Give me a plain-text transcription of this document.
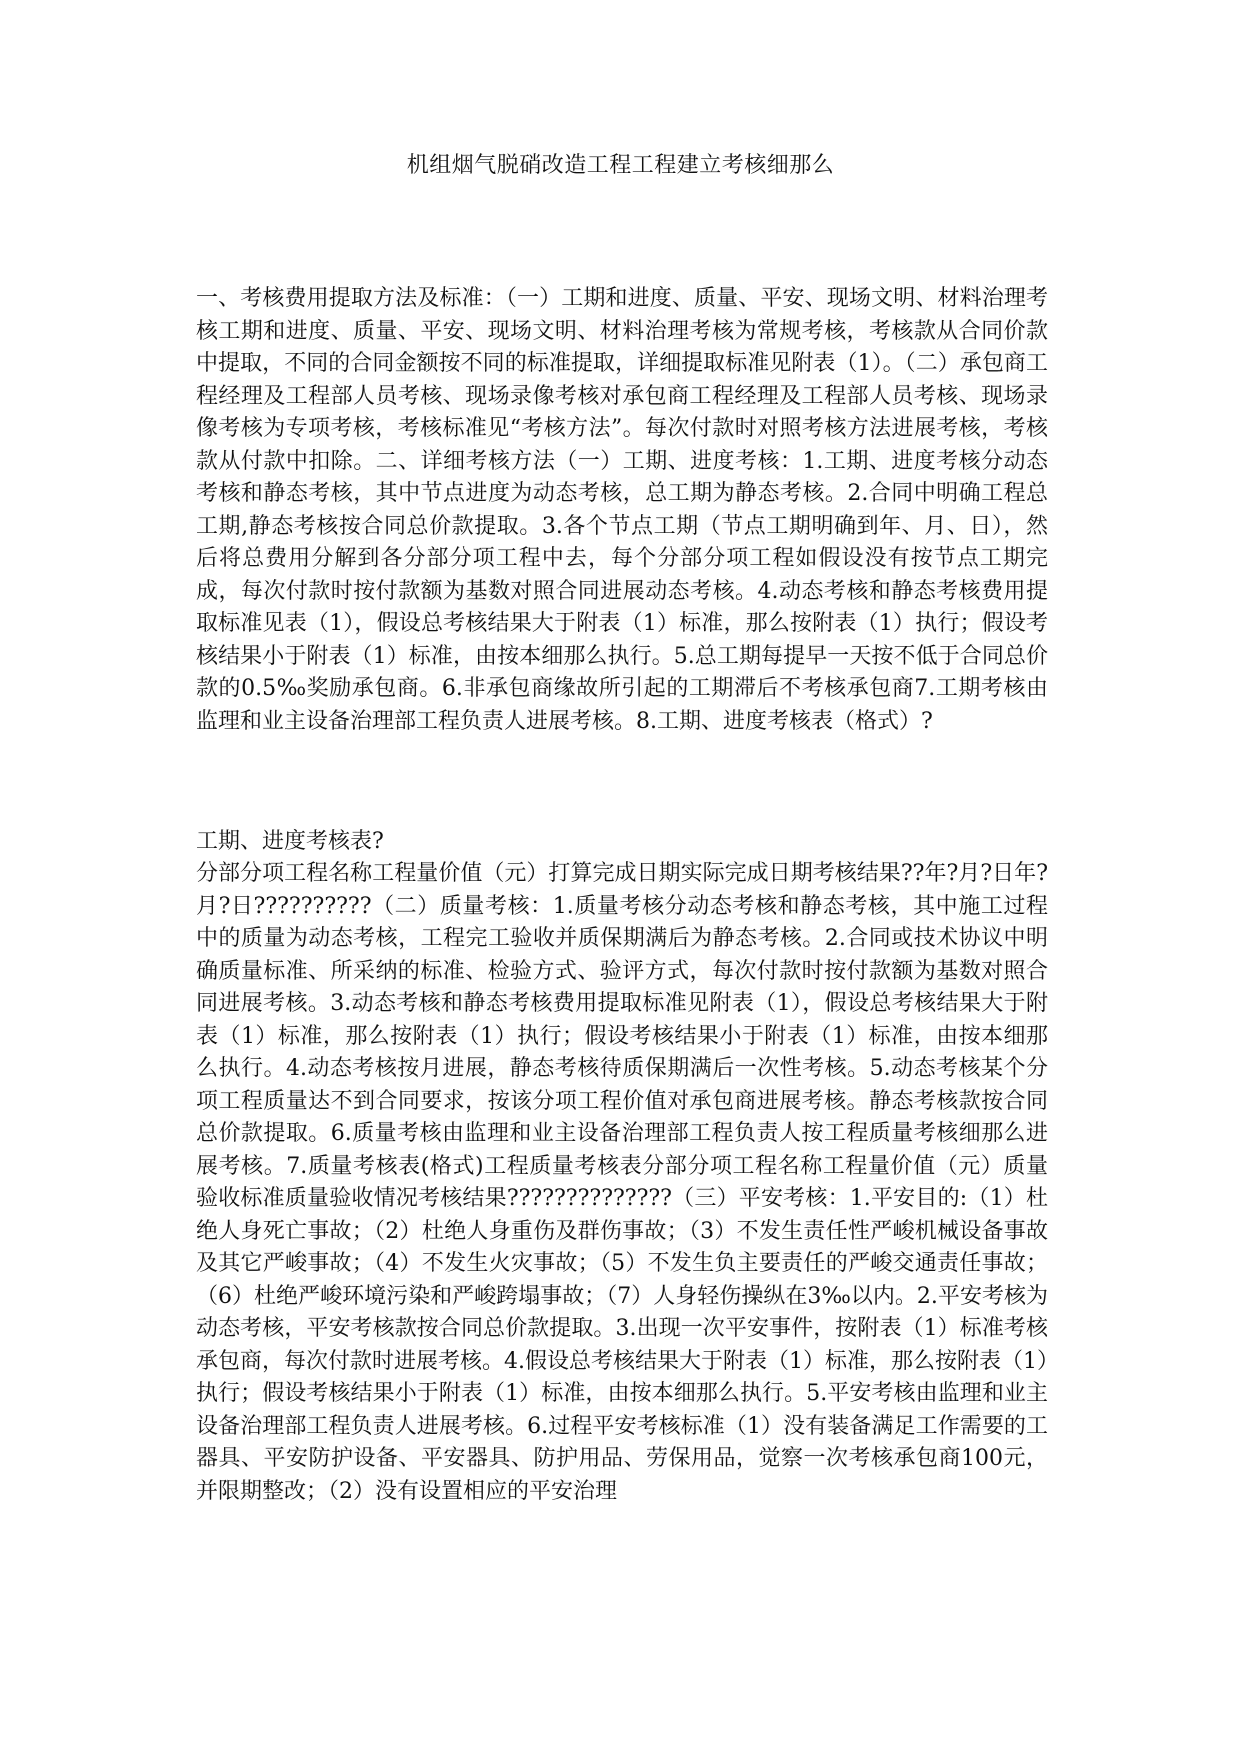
机组烟气脱硝改造工程工程建立考核细那么
一、考核费用提取方法及标准：（一）工期和进度、质量、平安、现场文明、材料治理考核工期和进度、质量、平安、现场文明、材料治理考核为常规考核，考核款从合同价款中提取，不同的合同金额按不同的标准提取，详细提取标准见附表（1）。（二）承包商工程经理及工程部人员考核、现场录像考核对承包商工程经理及工程部人员考核、现场录像考核为专项考核，考核标准见“考核方法”。每次付款时对照考核方法进展考核，考核款从付款中扣除。二、详细考核方法（一）工期、进度考核：1.工期、进度考核分动态考核和静态考核，其中节点进度为动态考核，总工期为静态考核。2.合同中明确工程总工期,静态考核按合同总价款提取。3.各个节点工期（节点工期明确到年、月、日），然后将总费用分解到各分部分项工程中去，每个分部分项工程如假设没有按节点工期完成，每次付款时按付款额为基数对照合同进展动态考核。4.动态考核和静态考核费用提取标准见表（1），假设总考核结果大于附表（1）标准，那么按附表（1）执行；假设考核结果小于附表（1）标准，由按本细那么执行。5.总工期每提早一天按不低于合同总价款的0.5‰奖励承包商。6.非承包商缘故所引起的工期滞后不考核承包商7.工期考核由监理和业主设备治理部工程负责人进展考核。8.工期、进度考核表（格式）?
工期、进度考核表?
分部分项工程名称工程量价值（元）打算完成日期实际完成日期考核结果??年?月?日年?月?日??????????（二）质量考核：1.质量考核分动态考核和静态考核，其中施工过程中的质量为动态考核，工程完工验收并质保期满后为静态考核。2.合同或技术协议中明确质量标准、所采纳的标准、检验方式、验评方式，每次付款时按付款额为基数对照合同进展考核。3.动态考核和静态考核费用提取标准见附表（1），假设总考核结果大于附表（1）标准，那么按附表（1）执行；假设考核结果小于附表（1）标准，由按本细那么执行。4.动态考核按月进展，静态考核待质保期满后一次性考核。5.动态考核某个分项工程质量达不到合同要求，按该分项工程价值对承包商进展考核。静态考核款按合同总价款提取。6.质量考核由监理和业主设备治理部工程负责人按工程质量考核细那么进展考核。7.质量考核表(格式)工程质量考核表分部分项工程名称工程量价值（元）质量验收标准质量验收情况考核结果??????????????（三）平安考核：1.平安目的:（1）杜绝人身死亡事故；（2）杜绝人身重伤及群伤事故；（3）不发生责任性严峻机械设备事故及其它严峻事故；（4）不发生火灾事故；（5）不发生负主要责任的严峻交通责任事故；（6）杜绝严峻环境污染和严峻跨塌事故；（7）人身轻伤操纵在3‰以内。2.平安考核为动态考核，平安考核款按合同总价款提取。3.出现一次平安事件，按附表（1）标准考核承包商，每次付款时进展考核。4.假设总考核结果大于附表（1）标准，那么按附表（1）执行；假设考核结果小于附表（1）标准，由按本细那么执行。5.平安考核由监理和业主设备治理部工程负责人进展考核。6.过程平安考核标准（1）没有装备满足工作需要的工器具、平安防护设备、平安器具、防护用品、劳保用品，觉察一次考核承包商100元，并限期整改；（2）没有设置相应的平安治理
